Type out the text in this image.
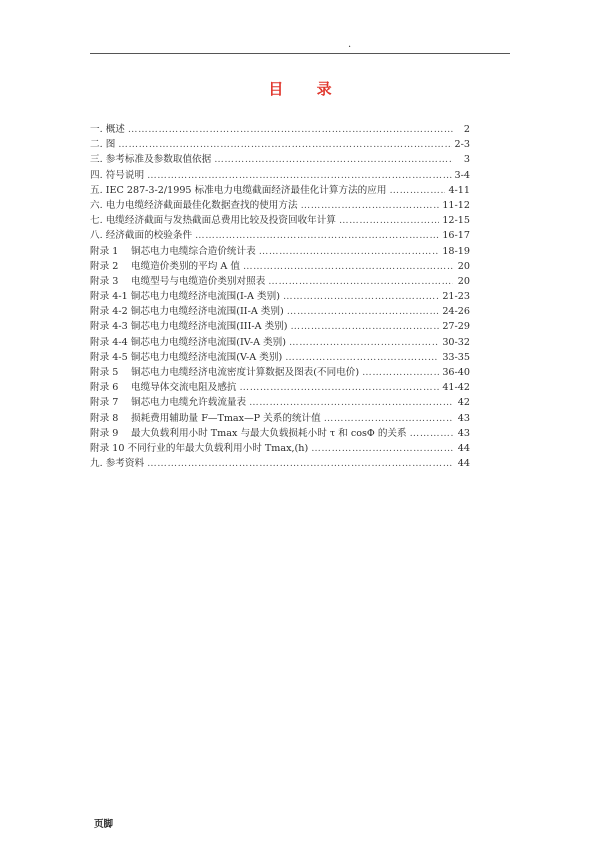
.
目 录
一. 概述 …………………………………………………………………………………………………………………………………………………………	2
二. 图 …………………………………………………………………………………………………………………………………………………………	2-3
三. 参考标准及参数取值依据 …………………………………………………………………………………………………………………………………………………………	3
四. 符号说明 …………………………………………………………………………………………………………………………………………………………	3-4
五. IEC 287-3-2/1995 标准电力电缆截面经济最佳化计算方法的应用 …………………………………………………………………………………………………………………………………………………………	4-11
六. 电力电缆经济截面最佳化数据查找的使用方法 …………………………………………………………………………………………………………………………………………………………	11-12
七. 电缆经济截面与发热截面总费用比较及投资回收年计算 …………………………………………………………………………………………………………………………………………………………	12-15
八. 经济截面的校验条件 …………………………………………………………………………………………………………………………………………………………	16-17
附录 1　 铜芯电力电缆综合造价统计表 …………………………………………………………………………………………………………………………………………………………	18-19
附录 2　 电缆造价类别的平均 A 值 …………………………………………………………………………………………………………………………………………………………	20
附录 3　 电缆型号与电缆造价类别对照表 …………………………………………………………………………………………………………………………………………………………	20
附录 4-1 铜芯电力电缆经济电流围(I-A 类别) …………………………………………………………………………………………………………………………………………………………	21-23
附录 4-2 铜芯电力电缆经济电流围(II-A 类别) …………………………………………………………………………………………………………………………………………………………	24-26
附录 4-3 铜芯电力电缆经济电流围(III-A 类别) …………………………………………………………………………………………………………………………………………………………	27-29
附录 4-4 铜芯电力电缆经济电流围(IV-A 类别) …………………………………………………………………………………………………………………………………………………………	30-32
附录 4-5 铜芯电力电缆经济电流围(V-A 类别) …………………………………………………………………………………………………………………………………………………………	33-35
附录 5　 铜芯电力电缆经济电流密度计算数据及图表(不同电价) …………………………………………………………………………………………………………………………………………………………	36-40
附录 6　 电缆导体交流电阻及感抗 …………………………………………………………………………………………………………………………………………………………	41-42
附录 7　 铜芯电力电缆允许载流量表 …………………………………………………………………………………………………………………………………………………………	42
附录 8　 损耗费用辅助量 F—Tmax—P 关系的统计值 …………………………………………………………………………………………………………………………………………………………	43
附录 9　 最大负载利用小时 Tmax 与最大负载损耗小时 τ 和 cosΦ 的关系 …………………………………………………………………………………………………………………………………………………………	43
附录 10 不同行业的年最大负载利用小时 Tmax,(h) …………………………………………………………………………………………………………………………………………………………	44
九. 参考资料 …………………………………………………………………………………………………………………………………………………………	44
页脚
